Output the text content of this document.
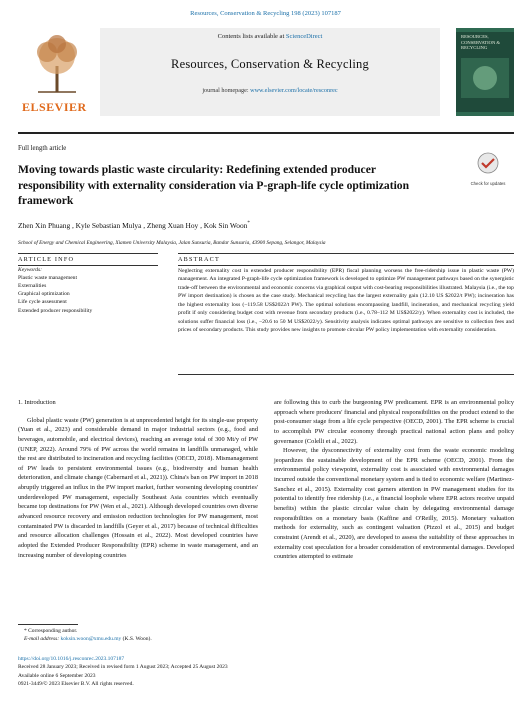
Resources, Conservation & Recycling 198 (2023) 107187
ELSEVIER
Contents lists available at ScienceDirect
Resources, Conservation & Recycling
journal homepage: www.elsevier.com/locate/resconrec
RESOURCES, CONSERVATION & RECYCLING
Full length article
Moving towards plastic waste circularity: Redefining extended producer responsibility with externality consideration via P-graph-life cycle optimization framework
Check for updates
Zhen Xin Phuang , Kyle Sebastian Mulya , Zheng Xuan Hoy , Kok Sin Woon*
School of Energy and Chemical Engineering, Xiamen University Malaysia, Jalan Sunsuria, Bandar Sunsuria, 43900 Sepang, Selangor, Malaysia
ARTICLE INFO	ABSTRACT
Keywords:
Plastic waste management
Externalities
Graphical optimization
Life cycle assessment
Extended producer responsibility
Neglecting externality cost in extended producer responsibility (EPR) fiscal planning worsens the free-ridership issue in plastic waste (PW) management. An integrated P-graph-life cycle optimization framework is developed to optimize PW management pathways based on the synergistic trade-off between the environmental and economic concerns via graphical output with cost-bearing responsibilities illustrated. Malaysia (i.e., the top PW import destination) is chosen as the case study. Mechanical recycling has the largest externality gain (12.10 US $2022/t PW); incineration has the highest externality loss (−119.58 US$2022/t PW). The optimal solutions encompassing landfill, incineration, and mechanical recycling yield profit if only considering budget cost with revenue from secondary products (i.e., 0.78–112 M US$2022/y). When externality cost is included, the solutions suffer financial loss (i.e., −20.6 to 50 M US$2022/y). Sensitivity analysis indicates optimal pathways are sensitive to collection fees and prices of secondary products. This study provides new insights to promote circular PW policy implementation with externality consideration.
1. Introduction

Global plastic waste (PW) generation is at unprecedented height for its single-use property (Yuan et al., 2023) and considerable demand in major industrial sectors (e.g., food and beverages, automobile, and electrical devices), reaching an average total of 300 Mt/y of PW (UNEP, 2022). Around 79% of PW across the world remains in landfills unmanaged, while the rest are distributed to incineration and recycling facilities (OECD, 2018). Mismanagement of PW leads to persistent environmental issues (e.g., biodiversity and human health deterioration, and climate change (Cabernard et al., 2021)). China's ban on PW import in 2018 abruptly triggered an influx in the PW import market, further worsening developing countries' underdeveloped PW management, especially Southeast Asia countries which eventually became top destinations for PW (Wen et al., 2021). Although developed countries own diverse advanced resource recovery and emission reduction technologies for PW management, most contaminated PW is discarded in landfills (Geyer et al., 2017) because of technical difficulties and resource allocation challenges (Hossain et al., 2022). Most developed countries have adopted the Extended Producer Responsibility (EPR) scheme in waste management, and an increasing number of developing countries

are following this to curb the burgeoning PW predicament. EPR is an environmental policy approach where producers' financial and physical responsibilities on the product extend to the post-consumer stage from a life cycle perspective (OECD, 2001). The EPR scheme is crucial to accomplish PW circular economy through practical national action plans and policy governance (Colelli et al., 2022).

However, the dysconnectivity of externality cost from the waste economic modeling jeopardizes the sustainable development of the EPR scheme (OECD, 2001). From the environmental policy viewpoint, externality cost is associated with environmental damages incurred outside the conventional monetary system and is tied to economic welfare (Martinez-Sanchez et al., 2015). Externality cost garners attention in PW management studies for its potential to identify free ridership (i.e., a financial loophole where EPR actors receive unpaid benefits) within the plastic circular value chain by delegating environmental damage responsibilities on a monetary basis (Kaffine and O'Reilly, 2015). Monetary valuation methods for externality, such as contingent valuation (Pizzol et al., 2015) and budget constraint (Arendt et al., 2020), are developed to assess the suitability of these approaches in externality cost speculation for a broader consideration of environmental damages. Developed countries attempted to estimate

* Corresponding author.
E-mail address: koksin.woon@xmu.edu.my (K.S. Woon).
https://doi.org/10.1016/j.resconrec.2023.107187
Received 28 January 2023; Received in revised form 1 August 2023; Accepted 25 August 2023
Available online 6 September 2023
0921-3449/© 2023 Elsevier B.V. All rights reserved.
